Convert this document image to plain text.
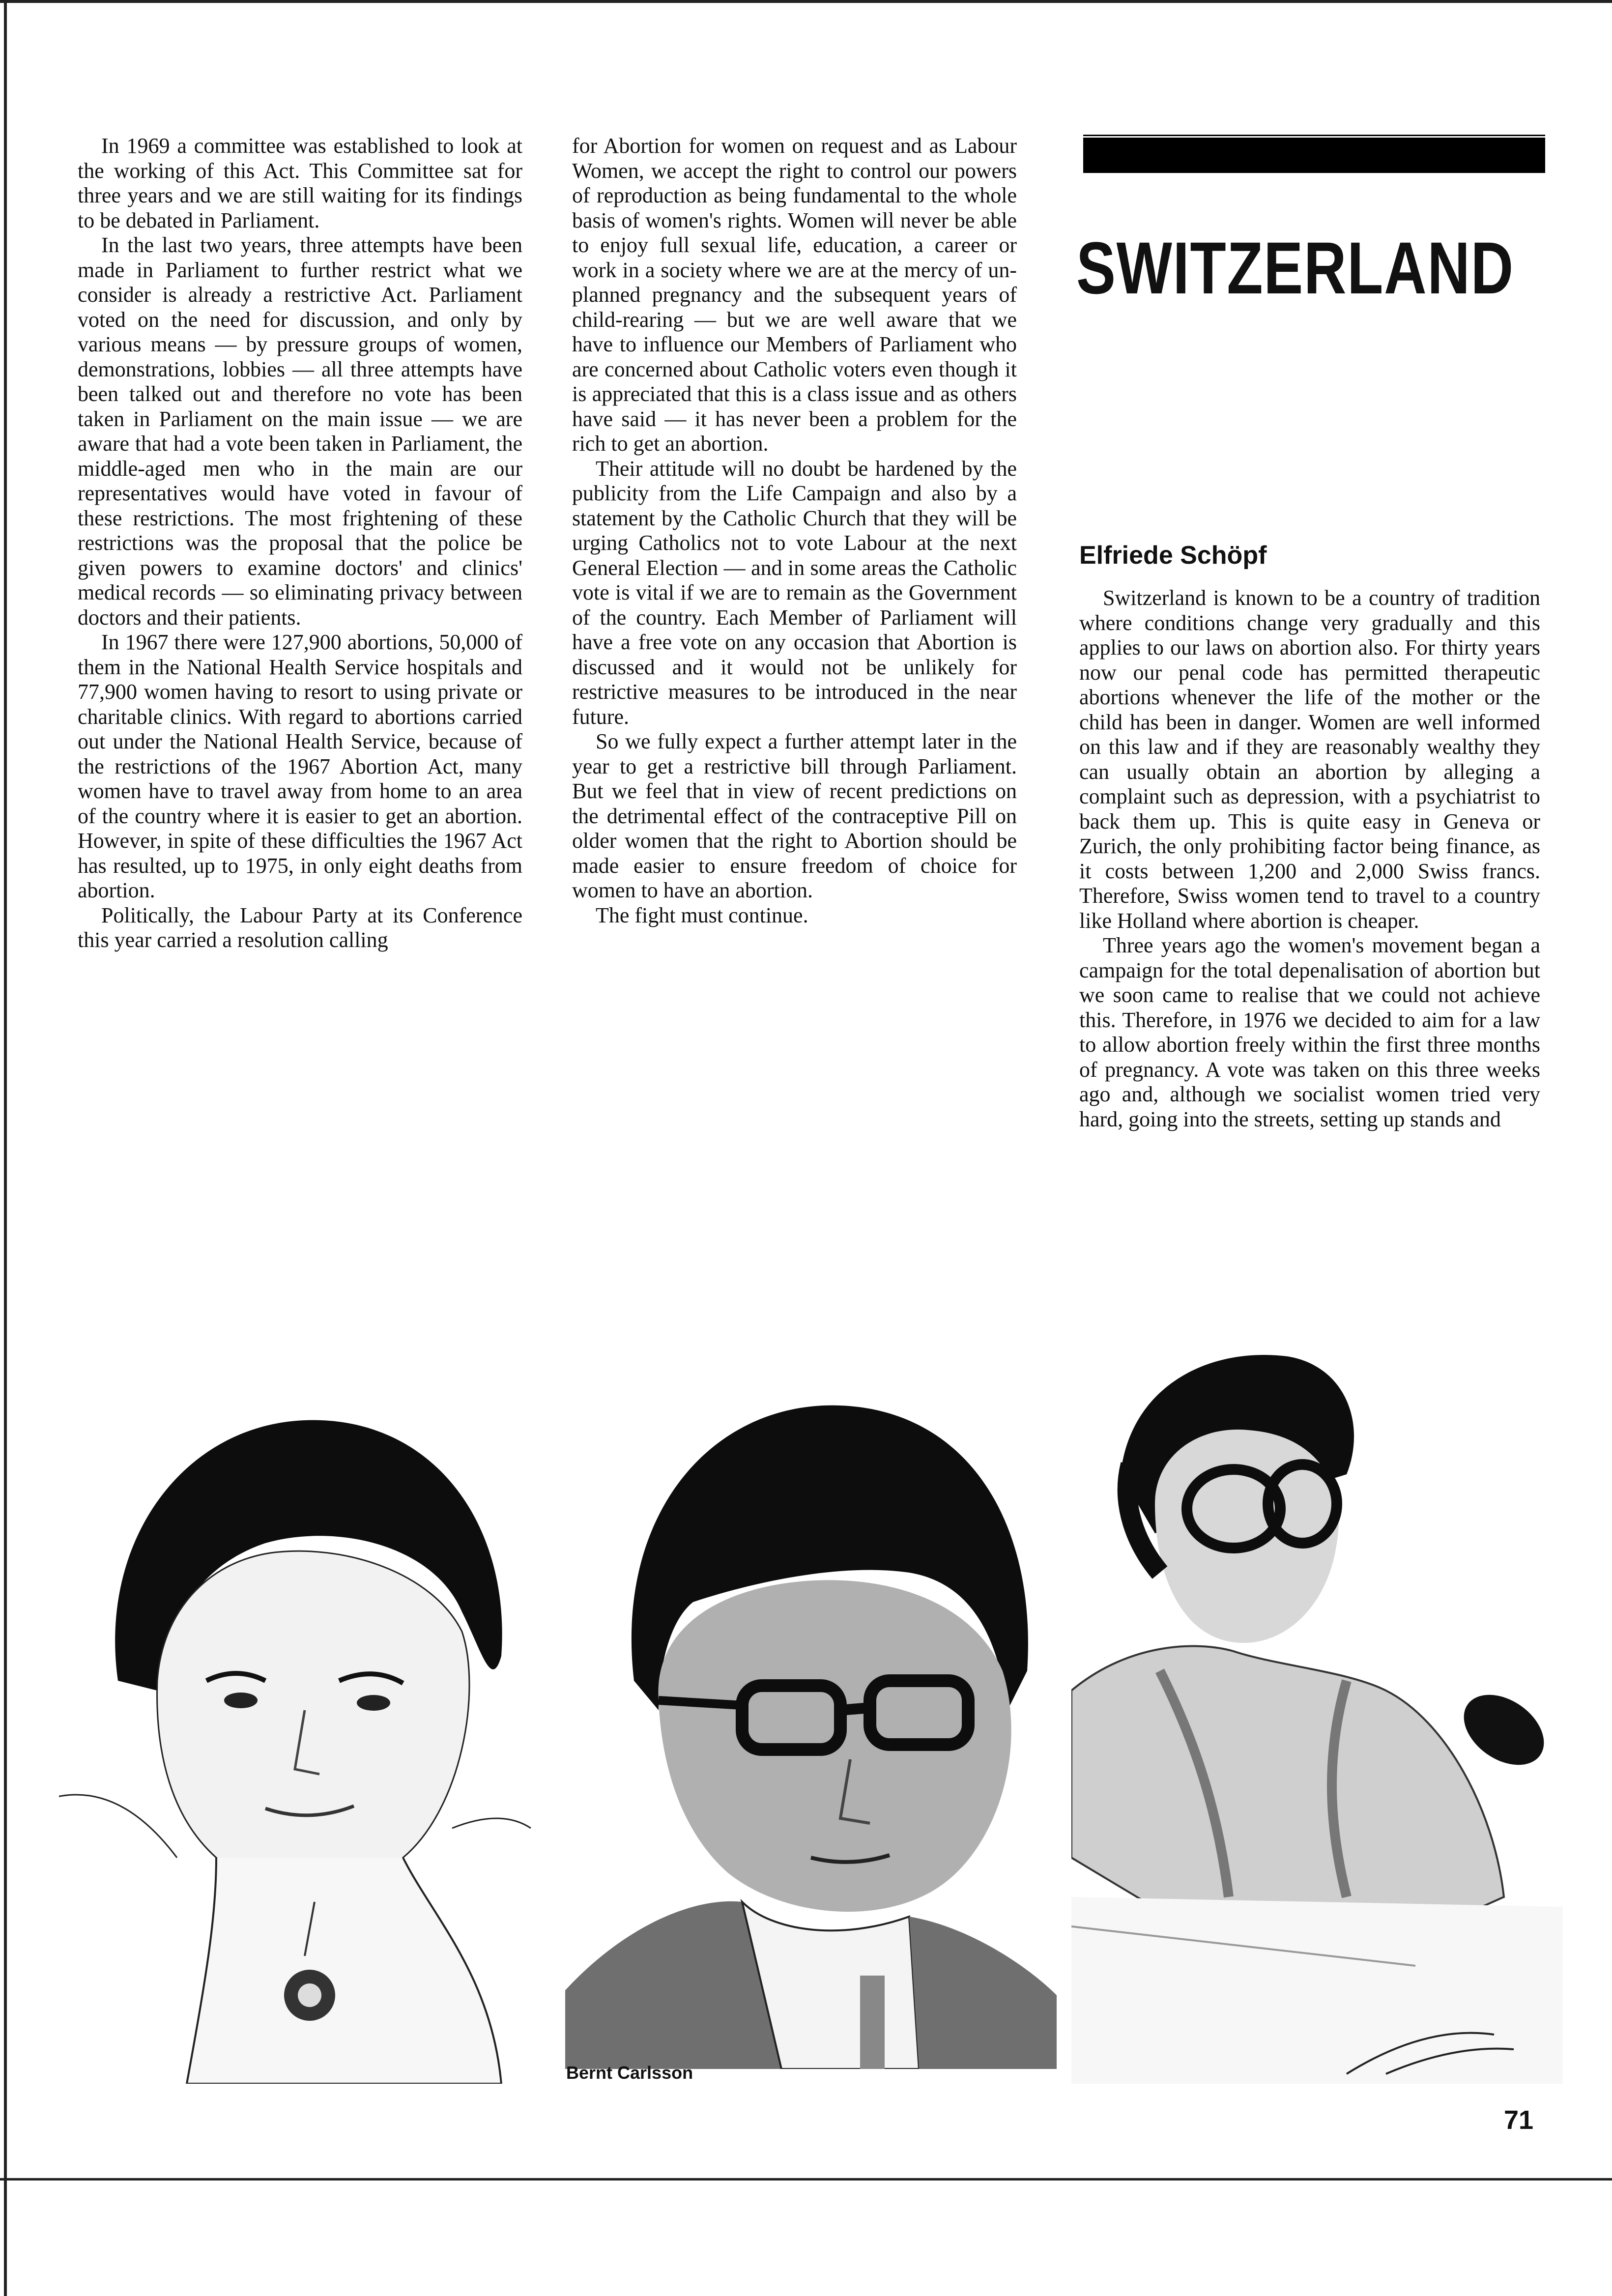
In 1969 a committee was established to look at the working of this Act. This Committee sat for three years and we are still waiting for its findings to be debated in Parliament.

In the last two years, three attempts have been made in Parliament to further restrict what we consider is already a restrictive Act. Parliament voted on the need for discussion, and only by various means — by pressure groups of women, demonstrations, lobbies — all three attempts have been talked out and therefore no vote has been taken in Parliament on the main issue — we are aware that had a vote been taken in Parliament, the middle-aged men who in the main are our representatives would have voted in favour of these restrictions. The most frightening of these restrictions was the proposal that the police be given powers to examine doctors' and clinics' medical records — so eliminating privacy between doctors and their patients.

In 1967 there were 127,900 abortions, 50,000 of them in the National Health Service hospitals and 77,900 women having to resort to using private or charitable clinics. With regard to abortions carried out under the National Health Service, because of the restrictions of the 1967 Abortion Act, many women have to travel away from home to an area of the country where it is easier to get an abortion. However, in spite of these difficulties the 1967 Act has resulted, up to 1975, in only eight deaths from abortion.

Politically, the Labour Party at its Conference this year carried a resolution calling

for Abortion for women on request and as Labour Women, we accept the right to control our powers of reproduction as being fundamental to the whole basis of women's rights. Women will never be able to enjoy full sexual life, education, a career or work in a society where we are at the mercy of un-planned pregnancy and the subsequent years of child-rearing — but we are well aware that we have to influence our Members of Parliament who are concerned about Catholic voters even though it is appreciated that this is a class issue and as others have said — it has never been a problem for the rich to get an abortion.

Their attitude will no doubt be hardened by the publicity from the Life Campaign and also by a statement by the Catholic Church that they will be urging Catholics not to vote Labour at the next General Election — and in some areas the Catholic vote is vital if we are to remain as the Government of the country. Each Member of Parliament will have a free vote on any occasion that Abortion is discussed and it would not be unlikely for restrictive measures to be introduced in the near future.

So we fully expect a further attempt later in the year to get a restrictive bill through Parliament. But we feel that in view of recent predictions on the detrimental effect of the contraceptive Pill on older women that the right to Abortion should be made easier to ensure freedom of choice for women to have an abortion.

The fight must continue.

SWITZERLAND
Elfriede Schöpf

Switzerland is known to be a country of tradition where conditions change very gradually and this applies to our laws on abortion also. For thirty years now our penal code has permitted therapeutic abortions whenever the life of the mother or the child has been in danger. Women are well informed on this law and if they are reasonably wealthy they can usually obtain an abortion by alleging a complaint such as depression, with a psychiatrist to back them up. This is quite easy in Geneva or Zurich, the only prohibiting factor being finance, as it costs between 1,200 and 2,000 Swiss francs. Therefore, Swiss women tend to travel to a country like Holland where abortion is cheaper.

Three years ago the women's movement began a campaign for the total depenalisation of abortion but we soon came to realise that we could not achieve this. Therefore, in 1976 we decided to aim for a law to allow abortion freely within the first three months of pregnancy. A vote was taken on this three weeks ago and, although we socialist women tried very hard, going into the streets, setting up stands and

Bernt Carlsson
71
